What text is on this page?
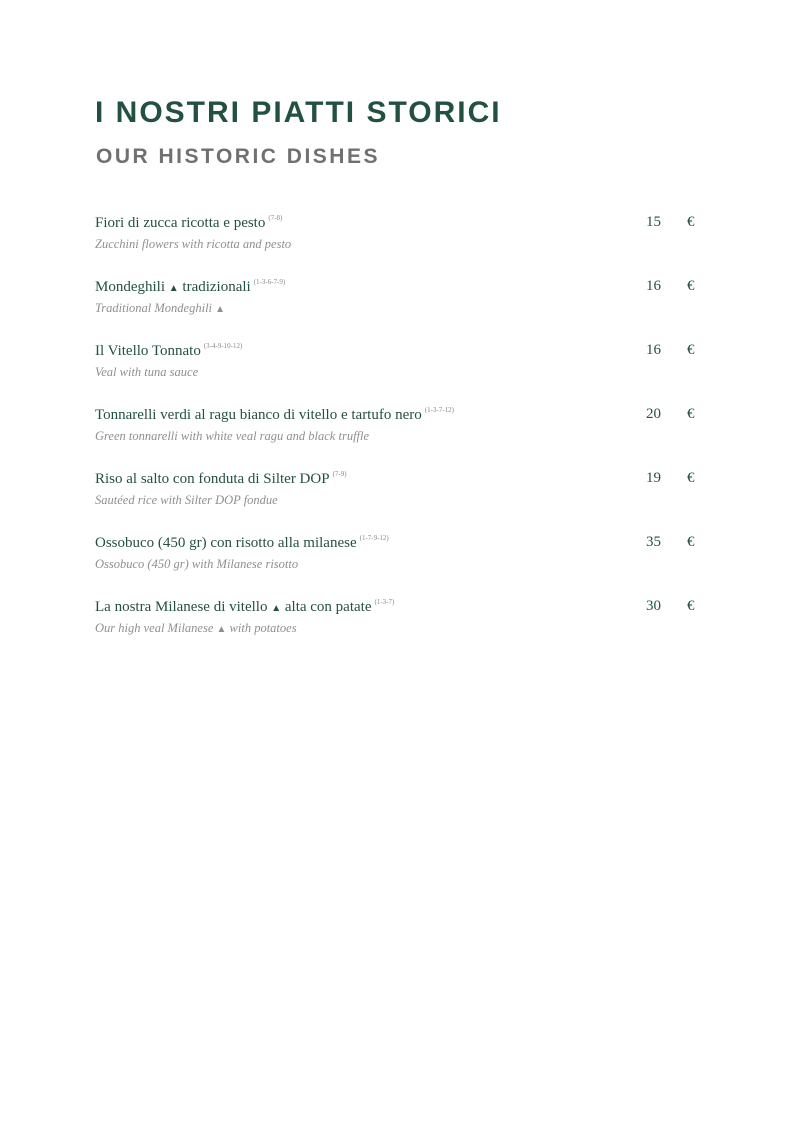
I NOSTRI PIATTI STORICI
OUR HISTORIC DISHES
Fiori di zucca ricotta e pesto $^{(7-8)}$
Zucchini flowers with ricotta and pesto
15 €
Mondeghili ▲ tradizionali $^{(1-3-6-7-9)}$
Traditional Mondeghili ▲
16 €
Il Vitello Tonnato $^{(3-4-9-10-12)}$
Veal with tuna sauce
16 €
Tonnarelli verdi al ragu bianco di vitello e tartufo nero $^{(1-3-7-12)}$
Green tonnarelli with white veal ragu and black truffle
20 €
Riso al salto con fonduta di Silter DOP $^{(7-9)}$
Sautéed rice with Silter DOP fondue
19 €
Ossobuco (450 gr) con risotto alla milanese $^{(1-7-9-12)}$
Ossobuco (450 gr) with Milanese risotto
35 €
La nostra Milanese di vitello ▲ alta con patate $^{(1-3-7)}$
Our high veal Milanese ▲ with potatoes
30 €
